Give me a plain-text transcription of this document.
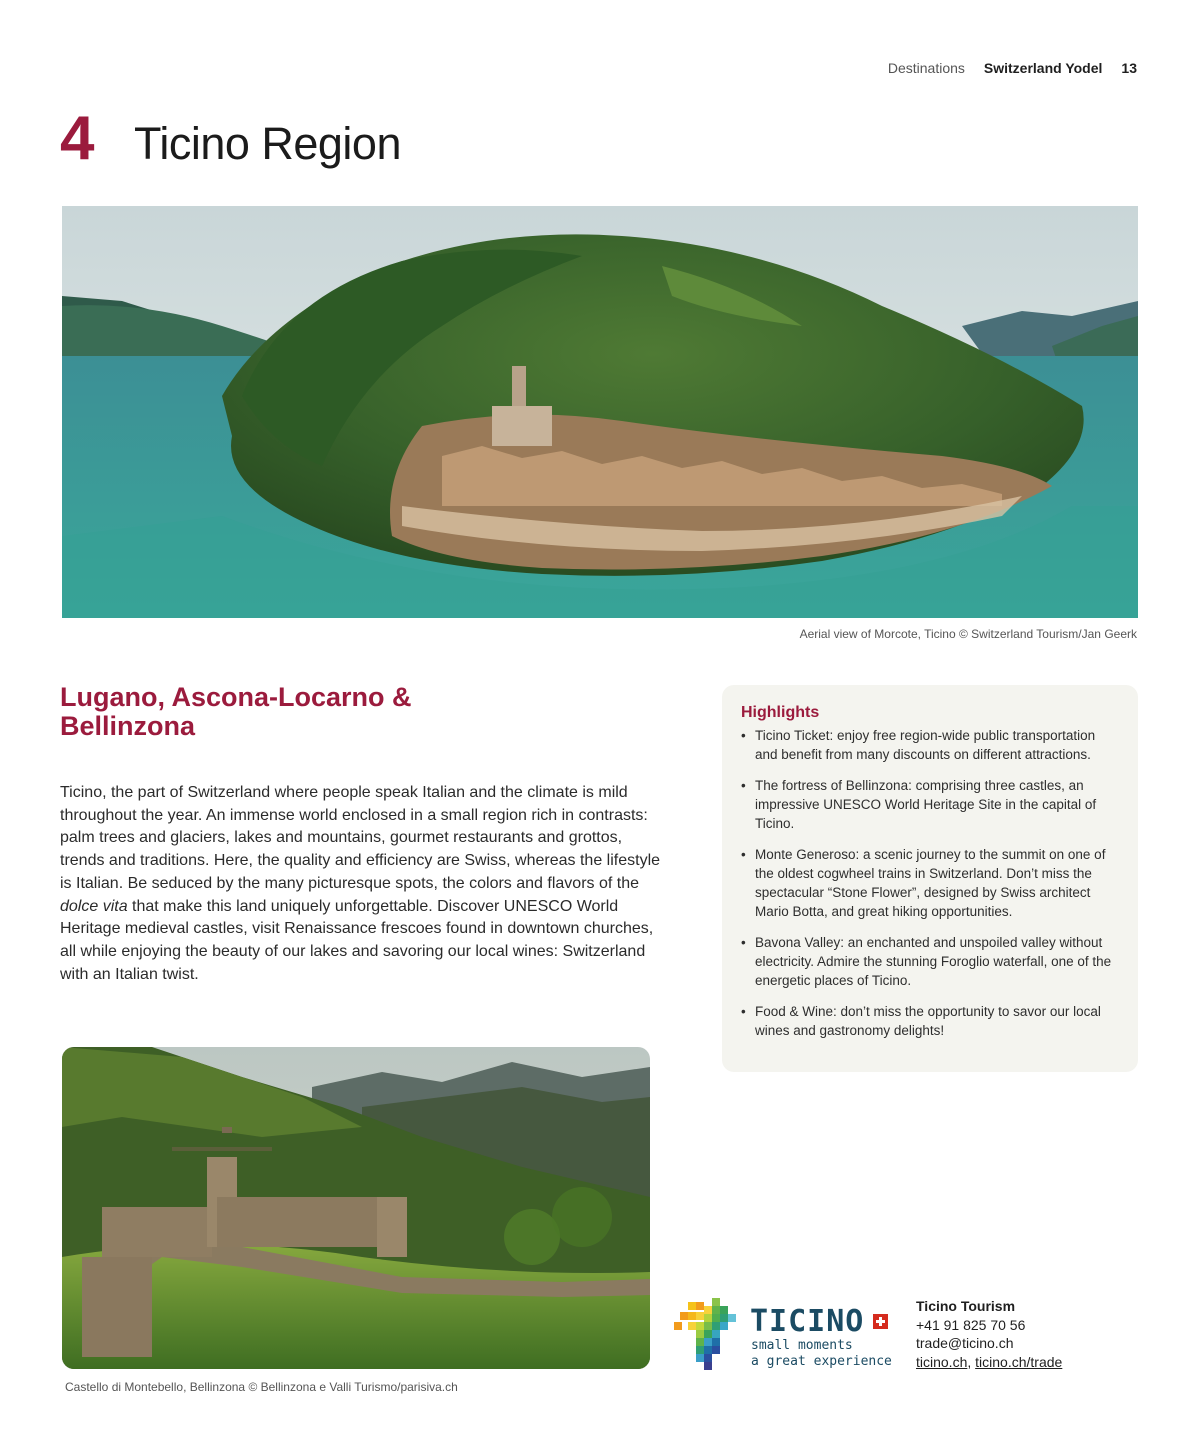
Destinations Switzerland Yodel 13
4 Ticino Region
Aerial view of Morcote, Ticino © Switzerland Tourism/Jan Geerk
Lugano, Ascona-Locarno & Bellinzona

Ticino, the part of Switzerland where people speak Italian and the climate is mild throughout the year. An immense world enclosed in a small region rich in contrasts: palm trees and glaciers, lakes and mountains, gourmet restaurants and grottos, trends and traditions. Here, the quality and efficiency are Swiss, whereas the lifestyle is Italian. Be seduced by the many picturesque spots, the colors and flavors of the dolce vita that make this land uniquely unforgettable. Discover UNESCO World Heritage medieval castles, visit Renaissance frescoes found in downtown churches, all while enjoying the beauty of our lakes and savoring our local wines: Switzerland with an Italian twist.

Highlights
• Ticino Ticket: enjoy free region-wide public transportation and benefit from many discounts on different attractions.
• The fortress of Bellinzona: comprising three castles, an impressive UNESCO World Heritage Site in the capital of Ticino.
• Monte Generoso: a scenic journey to the summit on one of the oldest cogwheel trains in Switzerland. Don’t miss the spectacular “Stone Flower”, designed by Swiss architect Mario Botta, and great hiking opportunities.
• Bavona Valley: an enchanted and unspoiled valley without electricity. Admire the stunning Foroglio waterfall, one of the energetic places of Ticino.
• Food & Wine: don’t miss the opportunity to savor our local wines and gastronomy delights!
Castello di Montebello, Bellinzona © Bellinzona e Valli Turismo/parisiva.ch
TICINO
small moments
a great experience
Ticino Tourism
+41 91 825 70 56
trade@ticino.ch
ticino.ch, ticino.ch/trade
